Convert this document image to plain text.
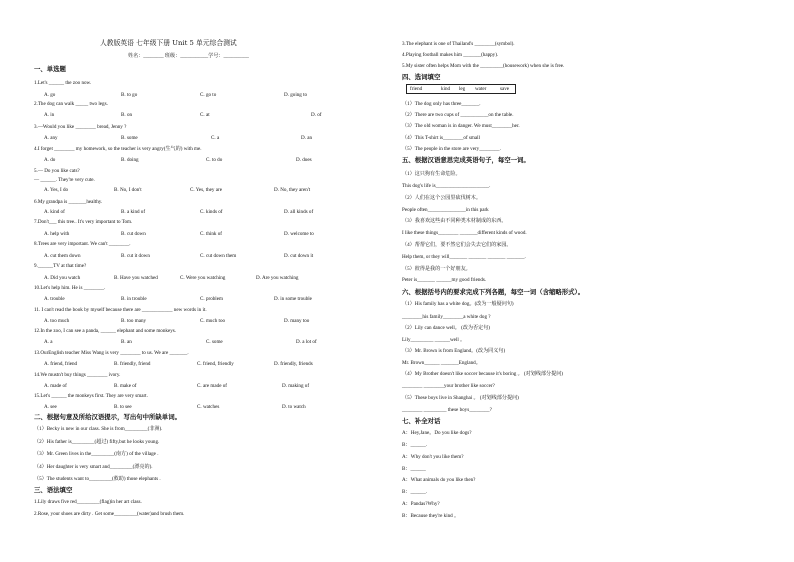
人教版英语 七年级下册 Unit 5 单元综合测试
姓名：________ 班级：___________学号：__________
一、单选题
1.Let's ______ the zoo now.
A. go	B. to go	C. go to	D. going to
2.The dog can walk _____ two legs.
A. in	B. on	C. at	D. of
3.—Would you like ________ bread, Jenny ?
A. any	B. some	C. a	D. an
4.I forget ________ my homework, so the teacher is very angry(生气的) with me.
A. do	B. doing	C. to do	D. does
5.— Do you like cats?
— ______. They're very cute.
A. Yes, I do	B. No, I don't	C. Yes, they are	D. No, they aren't
6.My grandpa is _______healthy.
A. kind of	B. a kind of	C. kinds of	D. all kinds of
7.Don't___ this tree.. It's very important to Tom.
A. help with	B. cut down	C. think of	D. welcome to
8.Trees are very important. We can't ________.
A. cut them down	B. cut it down	C. cut down them	D. cut down it
9.______TV at that time?
A. Did you watch	B. Have you watched	C. Were you watching	D. Are you watching
10.Let's help him. He is ________.
A. trouble	B. in trouble	C. problem	D. in some trouble
11. I can't read the book by myself because there are ____________ new words in it.
A. too much	B. too many	C. much too	D. many too
12.In the zoo, I can see a panda, ______ elephant and some monkeys.
A. a	B. an	C. some	D. a lot of
13.OurEnglish teacher Miss Wang is very ________ to us. We are _______.
A. friend, friend	B. friendly, friend	C. friend, friendly	D. friendly, friends
14.We mustn't buy things ________ ivory.
A. made of	B. make of	C. are made of	D. making of
15.Let's ______ the monkeys first. They are very smart.
A. see	B. to see	C. watches	D. to watch
二、根据句意及所给汉语提示，写出句中所缺单词。
（1）Becky is new in our class. She is from_________(非洲).
（2）His father is_________(超过) fifty,but he looks young.
（3）Mr. Green lives in the_________(南方) of the village .
（4）Her daughter is very smart and_________(漂亮的).
（5）The students want to_________(救助) those elephants .
三、语法填空
1.Lily draws five red_________(flag)in her art class.
2.Rose, your shoes are dirty . Get some_________(water)and brush them.
friend	kind leg water	save
3.The elephant is one of Thailand's ________(symbol).
4.Playing football makes him _______(happy).
5.My sister often helps Mom with the _________(housework) when she is free.
四、选词填空
（1）The dog only has three_______.
（2）There are two cups of ___________on the table.
（3）The old woman is in danger. We must________her.
（4）This T-shirt is________of small
（5）The people in the store are very________.
五、根据汉语意思完成英语句子，每空一词。
（1）这只狗有生命危险。
This dog's life is_____________________.
（2）人们在这个公园里砍伐树木。
People often_______________in this park
（3）我喜欢这些由不同种类木材制成的东西。
I like these things________ _______different kinds of wood.
（4）帮帮它们，要不然它们会失去它们的家园。
Help them, or they will_______ _______ _______ _______.
（5）彼得是我的一个好朋友。
Peter is_______ ______my good friends.
六、根据括号内的要求完成下列各题，每空一词（含缩略形式）。
（1）His family has a white dog。(改为一般疑问句)
________his family________a white dog ?
（2）Lily can dance well。 (改为否定句)
Lily_________ ______well 。
（3）Mr. Brown is from England。(改为同义句)
Mr. Brown______ _______England。
（4）My Brother doesn't like soccer because it's boring 。 (对划线部分提问)
________ ________your brother like soccer?
（5）These boys live in Shanghai 。 (对划线部分提问)
________ _________ these boys________?
七、补全对话
A：Hey,Jane。Do you like dogs?
B：______.
A：Why don't you like them?
B：______
A：What animals do you like then?
B：______.
A：Pandas?Why?
B：Because they're kind 。
